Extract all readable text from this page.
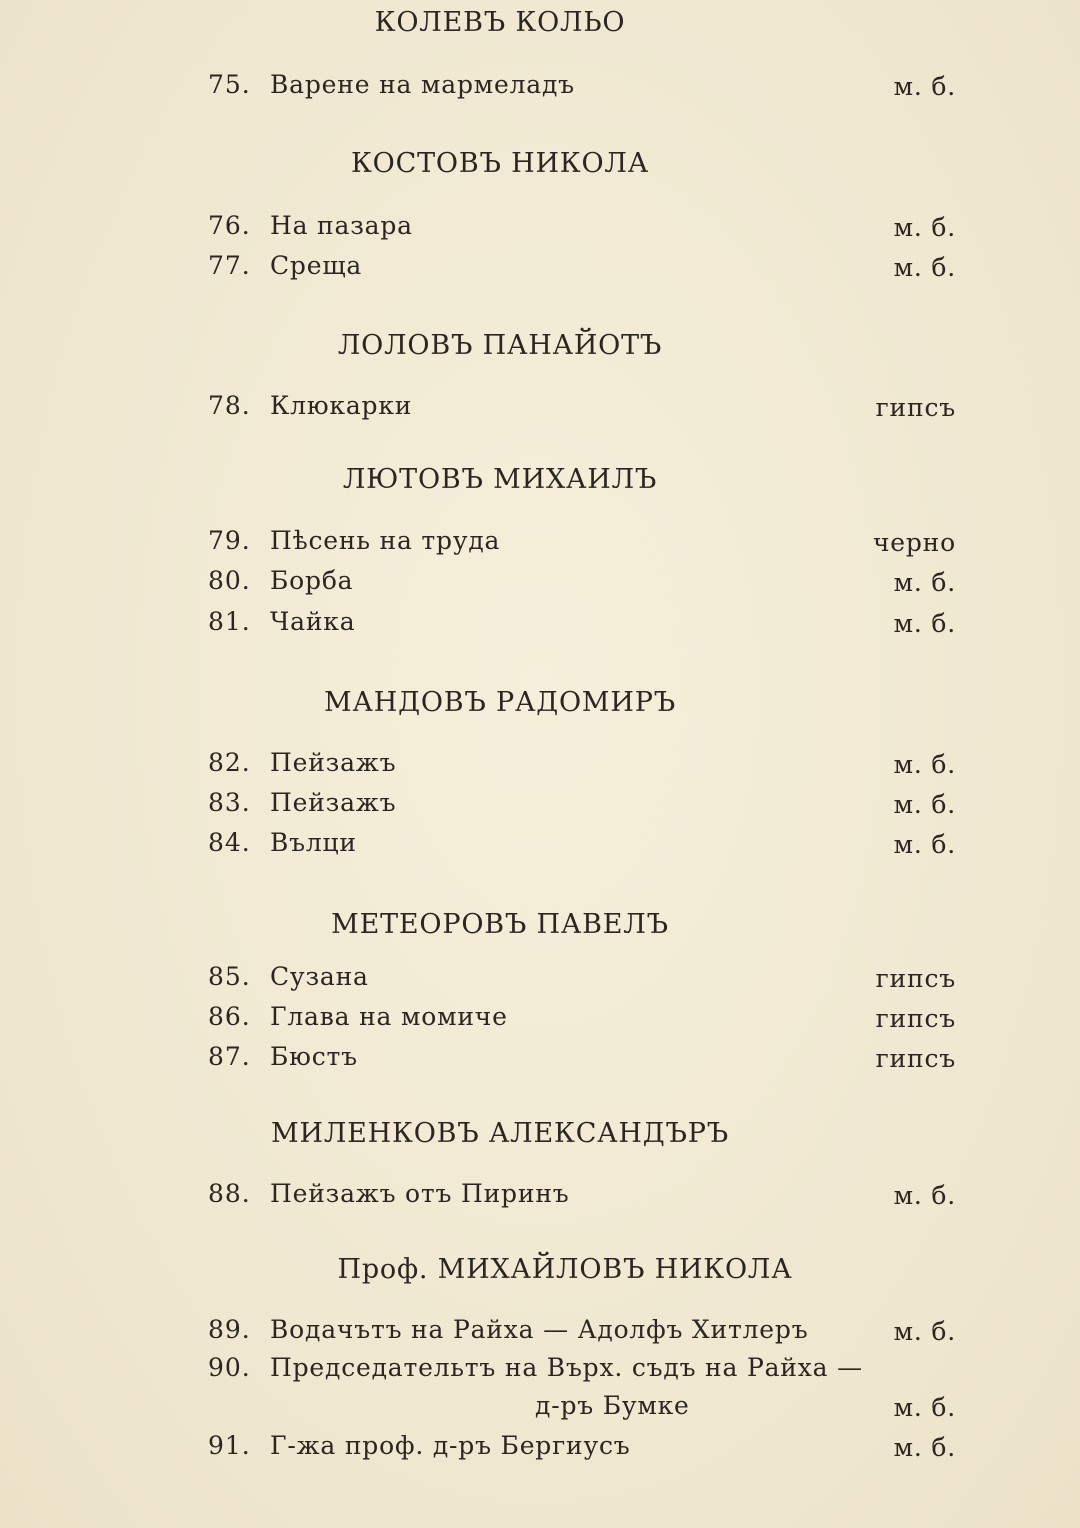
КОЛЕВЪ КОЛЬО
75. Варене на мармеладъ	м. б.
КОСТОВЪ НИКОЛА
76. На пазара	м. б.
77. Среща	м. б.
ЛОЛОВЪ ПАНАЙОТЪ
78. Клюкарки	гипсъ
ЛЮТОВЪ МИХАИЛЪ
79. Пѣсень на труда	черно
80. Борба	м. б.
81. Чайка	м. б.
МАНДОВЪ РАДОМИРЪ
82. Пейзажъ	м. б.
83. Пейзажъ	м. б.
84. Вълци	м. б.
МЕТЕОРОВЪ ПАВЕЛЪ
85. Сузана	гипсъ
86. Глава на момиче	гипсъ
87. Бюстъ	гипсъ
МИЛЕНКОВЪ АЛЕКСАНДЪРЪ
88. Пейзажъ отъ Пиринъ	м. б.
Проф. МИХАЙЛОВЪ НИКОЛА
89. Водачътъ на Райха — Адолфъ Хитлеръ	м. б.
90. Председательтъ на Върх. съдъ на Райха —
д-ръ Бумке	м. б.
91. Г-жа проф. д-ръ Бергиусъ	м. б.
